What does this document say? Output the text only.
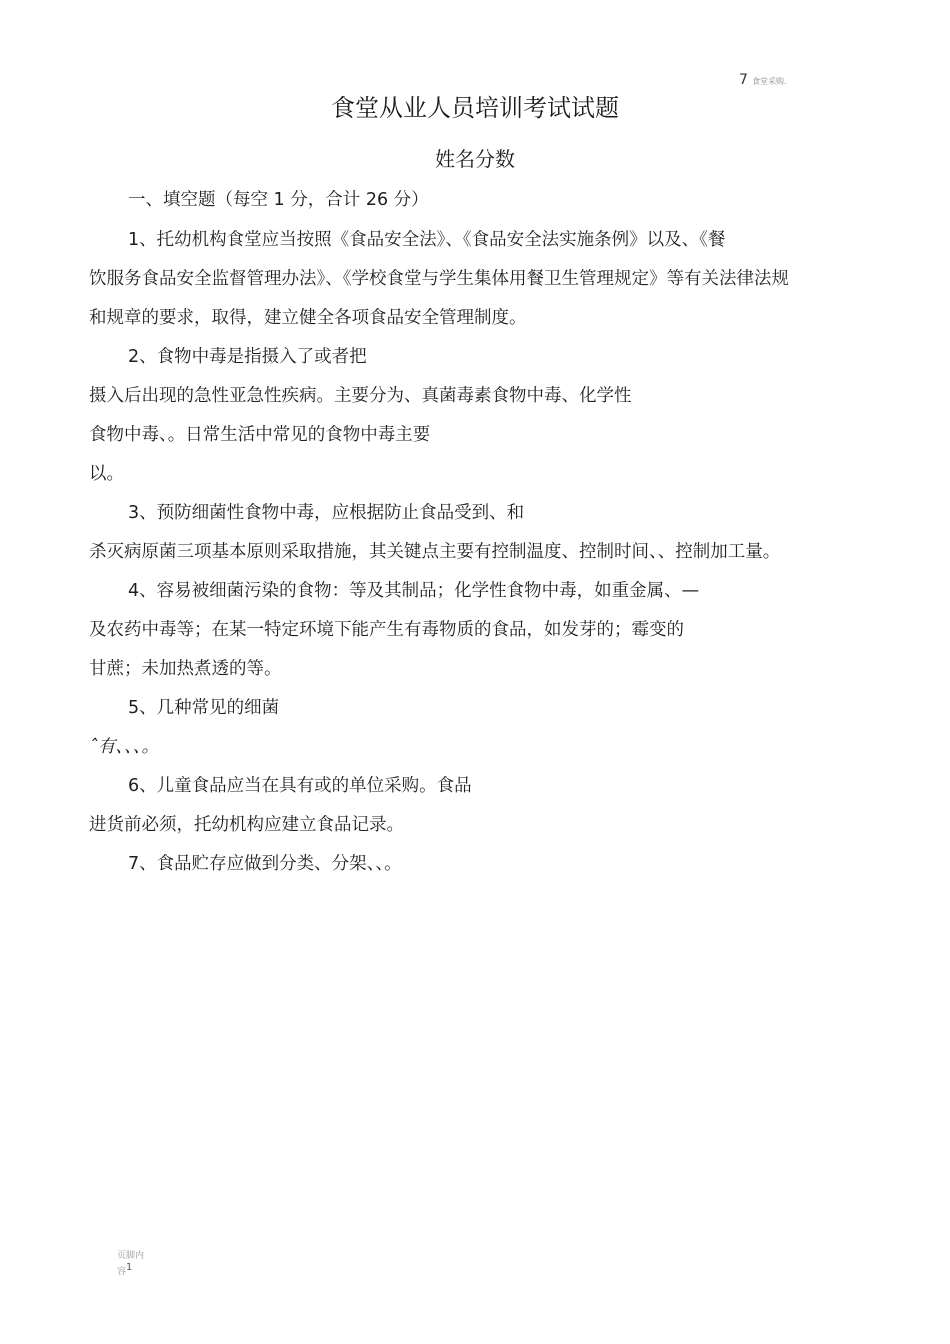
7 食堂采购.
食堂从业人员培训考试试题
姓名分数
一、填空题（每空 1 分，合计 26 分）
1、托幼机构食堂应当按照《食品安全法》、《食品安全法实施条例》以及、《餐
饮服务食品安全监督管理办法》、《学校食堂与学生集体用餐卫生管理规定》等有关法律法规
和规章的要求，取得，建立健全各项食品安全管理制度。
2、食物中毒是指摄入了或者把
摄入后出现的急性亚急性疾病。主要分为、真菌毒素食物中毒、化学性
食物中毒、。日常生活中常见的食物中毒主要
以。
3、预防细菌性食物中毒，应根据防止食品受到、和
杀灭病原菌三项基本原则采取措施，其关键点主要有控制温度、控制时间、、控制加工量。
4、容易被细菌污染的食物：等及其制品；化学性食物中毒，如重金属、—
及农药中毒等；在某一特定环境下能产生有毒物质的食品，如发芽的；霉变的
甘蔗；未加热煮透的等。
5、几种常见的细菌
ˆ有、、、。
6、儿童食品应当在具有或的单位采购。食品
进货前必须，托幼机构应建立食品记录。
7、食品贮存应做到分类、分架、、。
页脚内
容1
